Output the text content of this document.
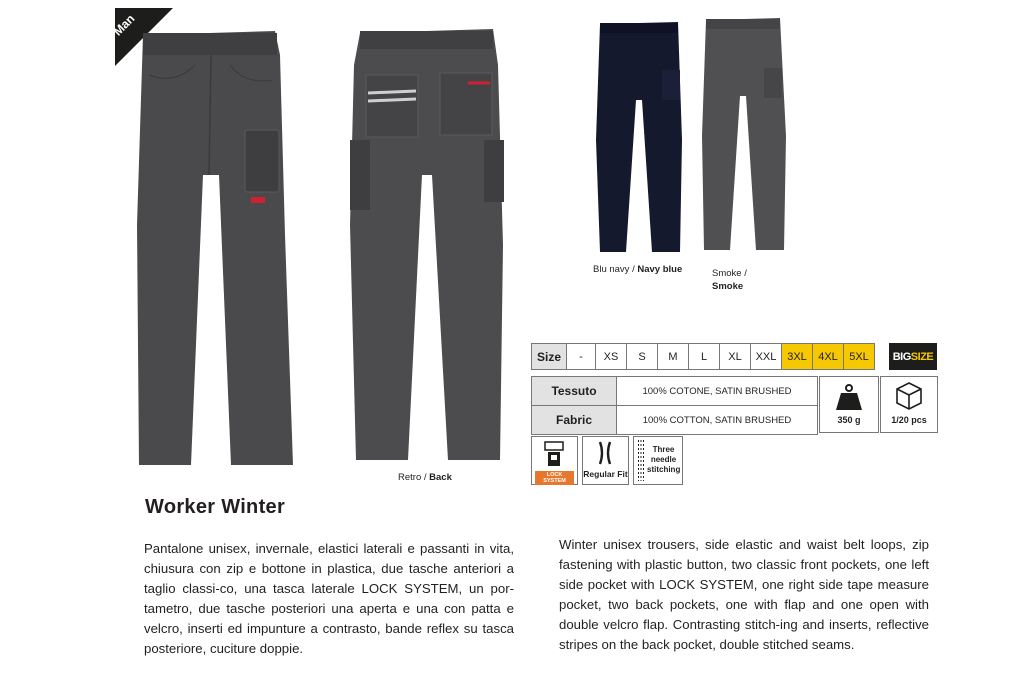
Man
Retro / Back
Blu navy / Navy blue	Smoke /
Smoke
Size	-	XS	S	M	L	XL	XXL	3XL	4XL	5XL BIG SIZE
Tessuto	100% COTONE, SATIN BRUSHED
Fabric	100% COTTON, SATIN BRUSHED	350 g	1/20 pcs
LOCK SYSTEM
Regular Fit
Three needle stitching
Worker Winter
Pantalone unisex, invernale, elastici laterali e passanti in vita, chiusura con zip e bottone in plastica, due tasche anteriori a taglio classi-co, una tasca laterale LOCK SYSTEM, un por-tametro, due tasche posteriori una aperta e una con patta e velcro, inserti ed impunture a contrasto, bande reflex su tasca posteriore, cuciture doppie.
Winter unisex trousers, side elastic and waist belt loops, zip fastening with plastic button, two classic front pockets, one left side pocket with LOCK SYSTEM, one right side tape measure pocket, two back pockets, one with flap and one open with double velcro flap. Contrasting stitch-ing and inserts, reflective stripes on the back pocket, double stitched seams.
